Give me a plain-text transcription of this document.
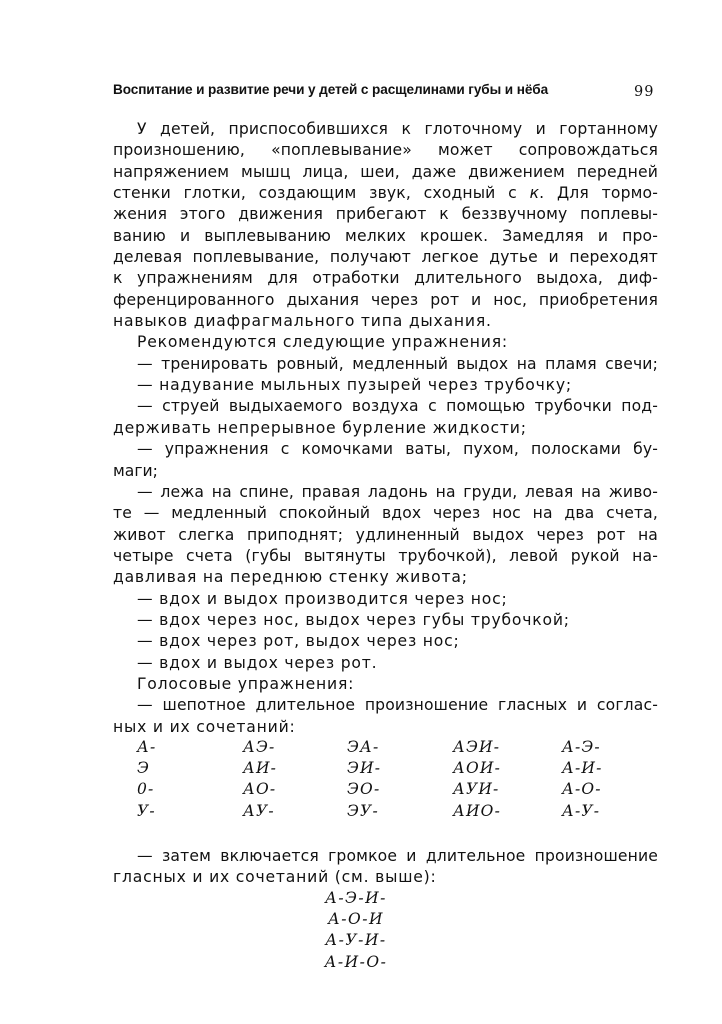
Воспитание и развитие речи у детей с расщелинами губы и нёба	99
У детей, приспособившихся к глоточному и гортанному
произношению, «поплевывание» может сопровождаться
напряжением мышц лица, шеи, даже движением передней
стенки глотки, создающим звук, сходный с к. Для тормо-
жения этого движения прибегают к беззвучному поплевы-
ванию и выплевыванию мелких крошек. Замедляя и про-
делевая поплевывание, получают легкое дутье и переходят
к упражнениям для отработки длительного выдоха, диф-
ференцированного дыхания через рот и нос, приобретения
навыков диафрагмального типа дыхания.
Рекомендуются следующие упражнения:
— тренировать ровный, медленный выдох на пламя свечи;
— надувание мыльных пузырей через трубочку;
— струей выдыхаемого воздуха с помощью трубочки под-
держивать непрерывное бурление жидкости;
— упражнения с комочками ваты, пухом, полосками бу-
маги;
— лежа на спине, правая ладонь на груди, левая на живо-
те — медленный спокойный вдох через нос на два счета,
живот слегка приподнят; удлиненный выдох через рот на
четыре счета (губы вытянуты трубочкой), левой рукой на-
давливая на переднюю стенку живота;
— вдох и выдох производится через нос;
— вдох через нос, выдох через губы трубочкой;
— вдох через рот, выдох через нос;
— вдох и выдох через рот.
Голосовые упражнения:
— шепотное длительное произношение гласных и соглас-
ных и их сочетаний:
А-
Э
0-
У-
АЭ-
АИ-
АО-
АУ-
ЭА-
ЭИ-
ЭО-
ЭУ-
АЭИ-
АОИ-
АУИ-
АИО-
А-Э-
А-И-
А-О-
А-У-
— затем включается громкое и длительное произношение
гласных и их сочетаний (см. выше):
А-Э-И-
А-О-И
А-У-И-
А-И-О-
